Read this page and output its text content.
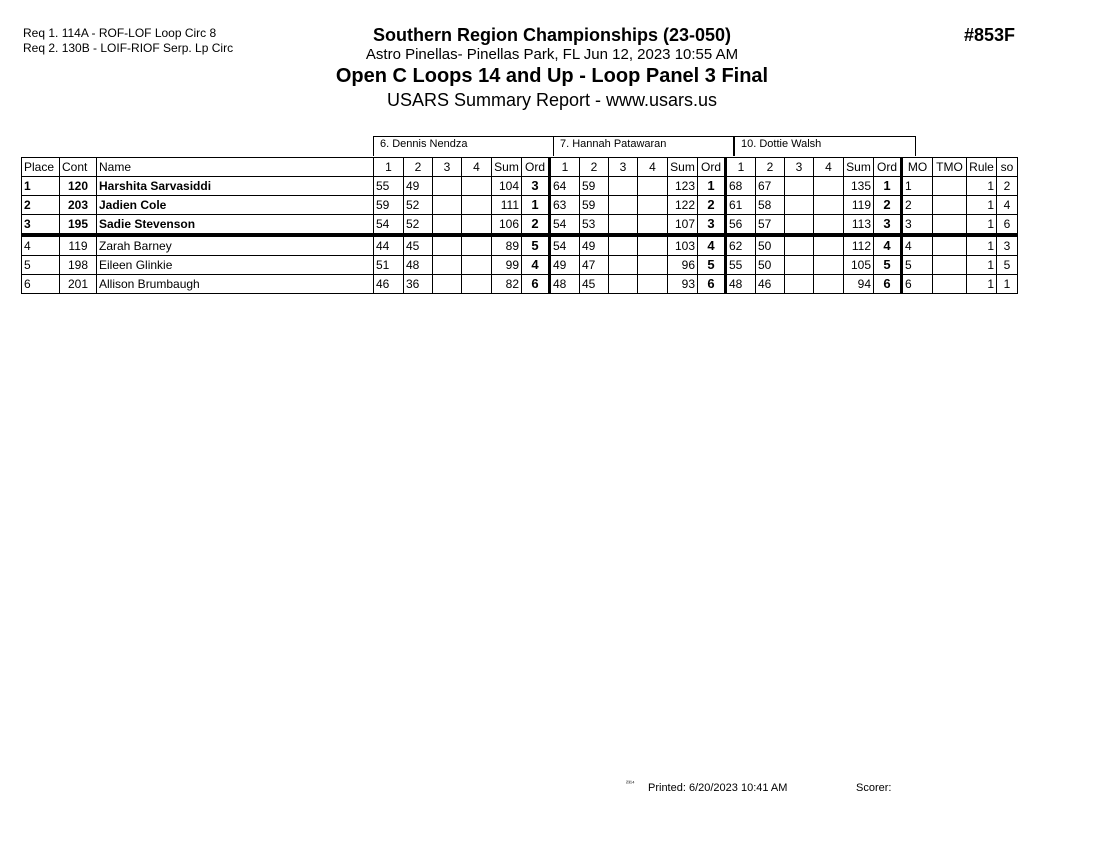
Req 1. 114A - ROF-LOF Loop Circ 8
Req 2. 130B - LOIF-RIOF Serp. Lp Circ
Southern Region Championships (23-050)
Astro Pinellas- Pinellas Park, FL Jun 12, 2023 10:55 AM
Open C Loops 14 and Up - Loop Panel 3 Final
USARS Summary Report - www.usars.us
#853F
6. Dennis Nendza	7. Hannah Patawaran	10. Dottie Walsh
Place	Cont	Name	1	2	3	4	Sum	Ord	1	2	3	4	Sum	Ord	1	2	3	4	Sum	Ord	MO	TMO	Rule	so
1	120	Harshita Sarvasiddi	55	49			104	3	64	59			123	1	68	67			135	1	1		1	2
2	203	Jadien Cole	59	52			111	1	63	59			122	2	61	58			119	2	2		1	4
3	195	Sadie Stevenson	54	52			106	2	54	53			107	3	56	57			113	3	3		1	6
4	119	Zarah Barney	44	45			89	5	54	49			103	4	62	50			112	4	4		1	3
5	198	Eileen Glinkie	51	48			99	4	49	47			96	5	55	50			105	5	5		1	5
6	201	Allison Brumbaugh	46	36			82	6	48	45			93	6	48	46			94	6	6		1	1
²³¹⁴ Printed: 6/20/2023 10:41 AM	Scorer:
